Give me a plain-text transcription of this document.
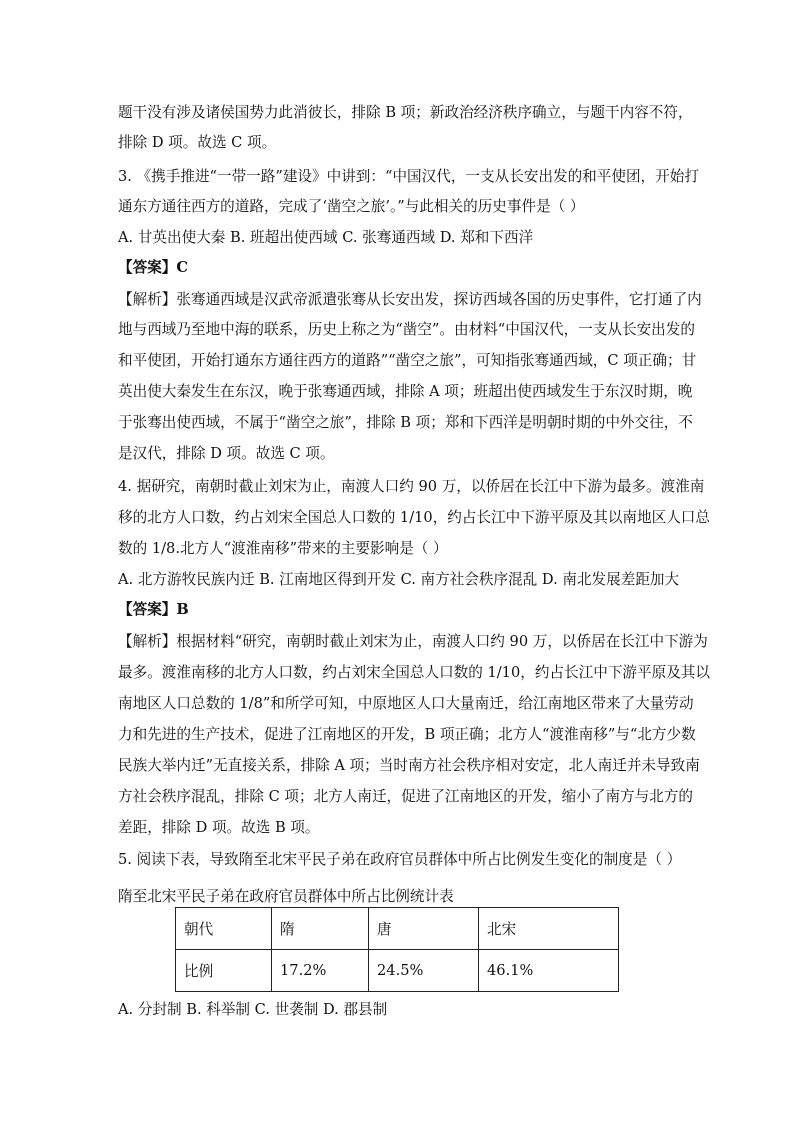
题干没有涉及诸侯国势力此消彼长，排除 B 项；新政治经济秩序确立，与题干内容不符，
排除 D 项。故选 C 项。
3. 《携手推进“一带一路”建设》中讲到：“中国汉代，一支从长安出发的和平使团，开始打
通东方通往西方的道路，完成了‘凿空之旅’。”与此相关的历史事件是（ ）
A. 甘英出使大秦 B. 班超出使西域 C. 张骞通西域 D. 郑和下西洋
【答案】C
【解析】张骞通西域是汉武帝派遣张骞从长安出发，探访西域各国的历史事件，它打通了内
地与西域乃至地中海的联系，历史上称之为“凿空”。由材料“中国汉代，一支从长安出发的
和平使团，开始打通东方通往西方的道路”“凿空之旅”，可知指张骞通西域，C 项正确；甘
英出使大秦发生在东汉，晚于张骞通西域，排除 A 项；班超出使西域发生于东汉时期，晚
于张骞出使西域，不属于“凿空之旅”，排除 B 项；郑和下西洋是明朝时期的中外交往，不
是汉代，排除 D 项。故选 C 项。
4. 据研究，南朝时截止刘宋为止，南渡人口约 90 万，以侨居在长江中下游为最多。渡淮南
移的北方人口数，约占刘宋全国总人口数的 1/10，约占长江中下游平原及其以南地区人口总
数的 1/8.北方人“渡淮南移”带来的主要影响是（ ）
A. 北方游牧民族内迁 B. 江南地区得到开发 C. 南方社会秩序混乱 D. 南北发展差距加大
【答案】B
【解析】根据材料“研究，南朝时截止刘宋为止，南渡人口约 90 万，以侨居在长江中下游为
最多。渡淮南移的北方人口数，约占刘宋全国总人口数的 1/10，约占长江中下游平原及其以
南地区人口总数的 1/8”和所学可知，中原地区人口大量南迁，给江南地区带来了大量劳动
力和先进的生产技术，促进了江南地区的开发，B 项正确；北方人“渡淮南移”与“北方少数
民族大举内迁”无直接关系，排除 A 项；当时南方社会秩序相对安定，北人南迁并未导致南
方社会秩序混乱，排除 C 项；北方人南迁，促进了江南地区的开发，缩小了南方与北方的
差距，排除 D 项。故选 B 项。
5. 阅读下表，导致隋至北宋平民子弟在政府官员群体中所占比例发生变化的制度是（ ）
隋至北宋平民子弟在政府官员群体中所占比例统计表
朝代	隋	唐	北宋
比例	17.2%	24.5%	46.1%
A. 分封制 B. 科举制 C. 世袭制 D. 郡县制
